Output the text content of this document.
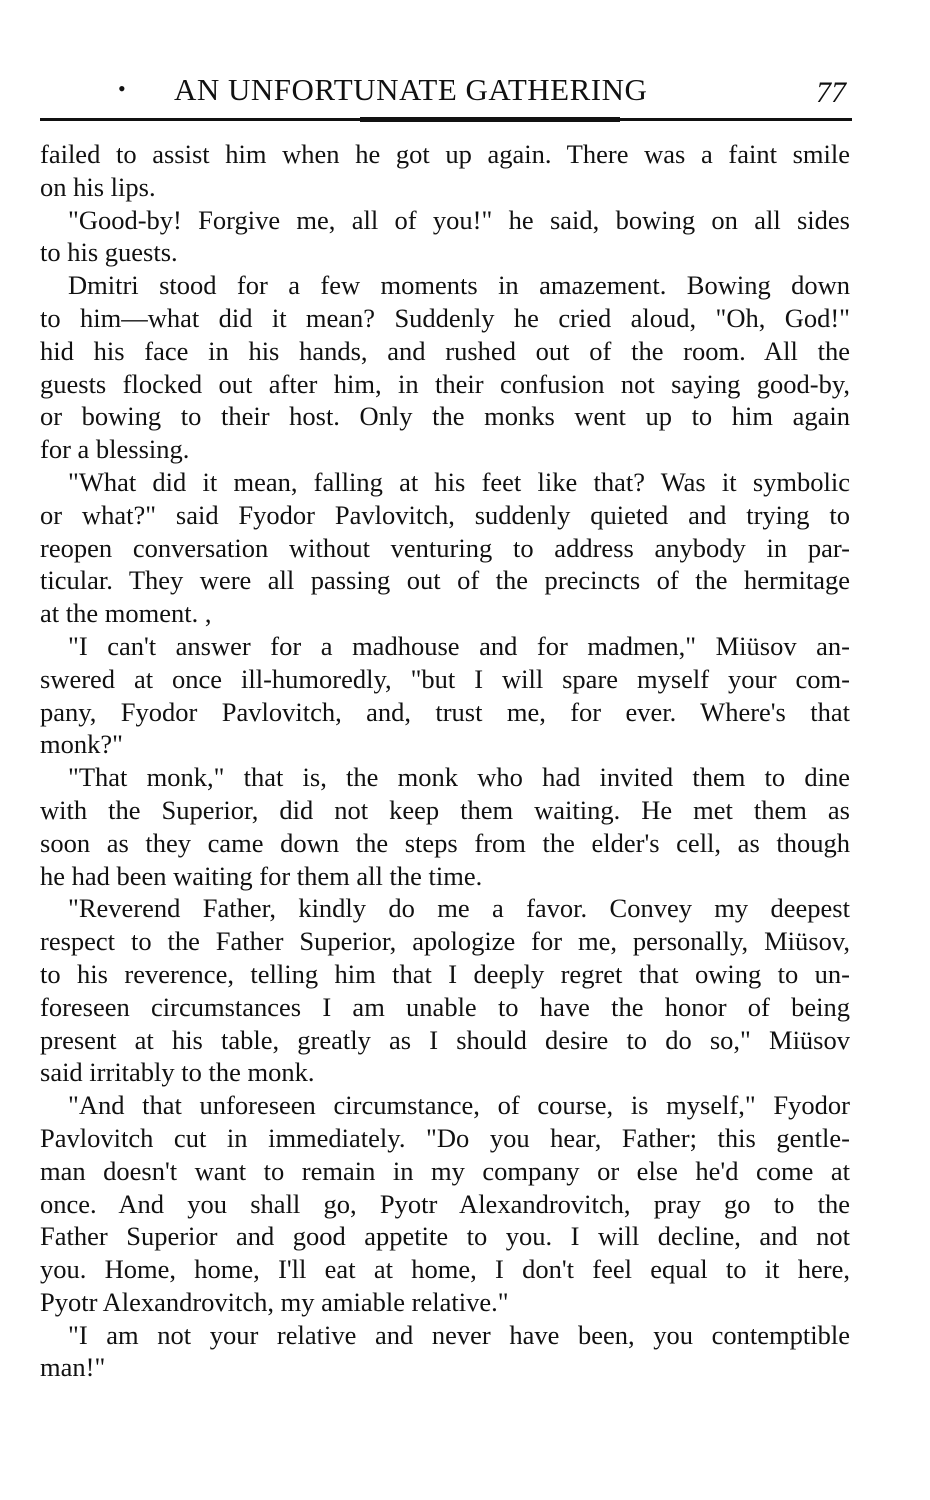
• AN UNFORTUNATE GATHERING	77
failed to assist him when he got up again. There was a faint smile
on his lips.
"Good-by! Forgive me, all of you!" he said, bowing on all sides
to his guests.
Dmitri stood for a few moments in amazement. Bowing down
to him—what did it mean? Suddenly he cried aloud, "Oh, God!"
hid his face in his hands, and rushed out of the room. All the
guests flocked out after him, in their confusion not saying good-by,
or bowing to their host. Only the monks went up to him again
for a blessing.
"What did it mean, falling at his feet like that? Was it symbolic
or what?" said Fyodor Pavlovitch, suddenly quieted and trying to
reopen conversation without venturing to address anybody in par-
ticular. They were all passing out of the precincts of the hermitage
at the moment. ,
"I can't answer for a madhouse and for madmen," Miüsov an-
swered at once ill-humoredly, "but I will spare myself your com-
pany, Fyodor Pavlovitch, and, trust me, for ever. Where's that
monk?"
"That monk," that is, the monk who had invited them to dine
with the Superior, did not keep them waiting. He met them as
soon as they came down the steps from the elder's cell, as though
he had been waiting for them all the time.
"Reverend Father, kindly do me a favor. Convey my deepest
respect to the Father Superior, apologize for me, personally, Miüsov,
to his reverence, telling him that I deeply regret that owing to un-
foreseen circumstances I am unable to have the honor of being
present at his table, greatly as I should desire to do so," Miüsov
said irritably to the monk.
"And that unforeseen circumstance, of course, is myself," Fyodor
Pavlovitch cut in immediately. "Do you hear, Father; this gentle-
man doesn't want to remain in my company or else he'd come at
once. And you shall go, Pyotr Alexandrovitch, pray go to the
Father Superior and good appetite to you. I will decline, and not
you. Home, home, I'll eat at home, I don't feel equal to it here,
Pyotr Alexandrovitch, my amiable relative."
"I am not your relative and never have been, you contemptible
man!"
